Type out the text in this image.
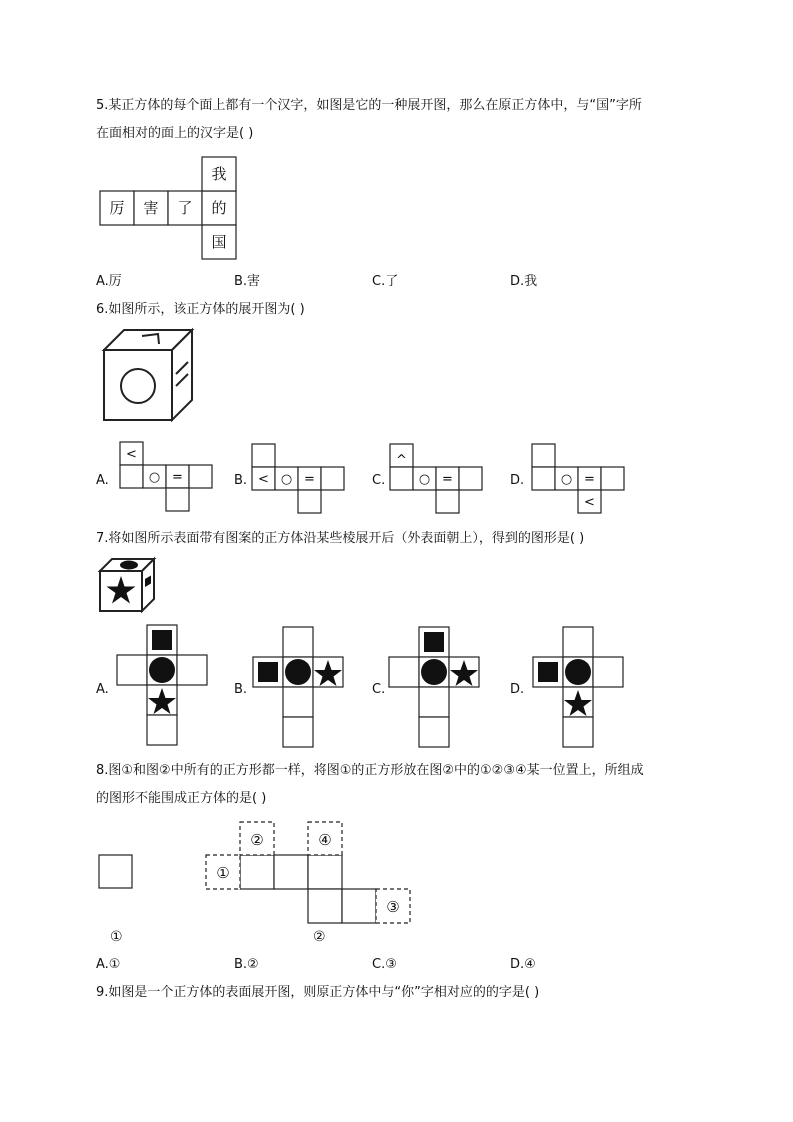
5.某正方体的每个面上都有一个汉字，如图是它的一种展开图，那么在原正方体中，与“国”字所
在面相对的面上的汉字是( )
厉 害 了 的
我
国
A.厉	B.害	C.了	D.我
6.如图所示，该正方体的展开图为( )
A.
<
○ =	B. < ○ =	C.
^
○ =	D.	○ =
<
7.将如图所示表面带有图案的正方体沿某些棱展开后（外表面朝上），得到的图形是( )
A.	B.	C.	D.
8.图①和图②中所有的正方形都一样，将图①的正方形放在图②中的①②③④某一位置上，所组成
的图形不能围成正方体的是( )
①
①
②	④
③
②
A.①	B.②	C.③	D.④
9.如图是一个正方体的表面展开图，则原正方体中与“你”字相对应的的字是( )
